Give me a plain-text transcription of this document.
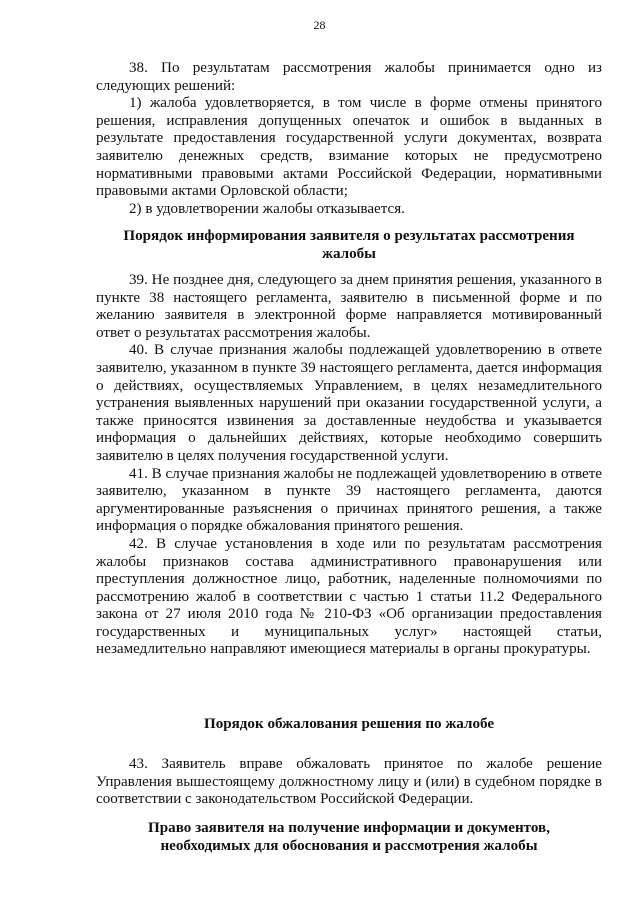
28

38. По результатам рассмотрения жалобы принимается одно из следующих решений:

1) жалоба удовлетворяется, в том числе в форме отмены принятого решения, исправления допущенных опечаток и ошибок в выданных в результате предоставления государственной услуги документах, возврата заявителю денежных средств, взимание которых не предусмотрено нормативными правовыми актами Российской Федерации, нормативными правовыми актами Орловской области;

2) в удовлетворении жалобы отказывается.

Порядок информирования заявителя о результатах рассмотрения жалобы

39. Не позднее дня, следующего за днем принятия решения, указанного в пункте 38 настоящего регламента, заявителю в письменной форме и по желанию заявителя в электронной форме направляется мотивированный ответ о результатах рассмотрения жалобы.

40. В случае признания жалобы подлежащей удовлетворению в ответе заявителю, указанном в пункте 39 настоящего регламента, дается информация о действиях, осуществляемых Управлением, в целях незамедлительного устранения выявленных нарушений при оказании государственной услуги, а также приносятся извинения за доставленные неудобства и указывается информация о дальнейших действиях, которые необходимо совершить заявителю в целях получения государственной услуги.

41. В случае признания жалобы не подлежащей удовлетворению в ответе заявителю, указанном в пункте 39 настоящего регламента, даются аргументированные разъяснения о причинах принятого решения, а также информация о порядке обжалования принятого решения.

42. В случае установления в ходе или по результатам рассмотрения жалобы признаков состава административного правонарушения или преступления должностное лицо, работник, наделенные полномочиями по рассмотрению жалоб в соответствии с частью 1 статьи 11.2 Федерального закона от 27 июля 2010 года № 210-ФЗ «Об организации предоставления государственных и муниципальных услуг» настоящей статьи, незамедлительно направляют имеющиеся материалы в органы прокуратуры.

Порядок обжалования решения по жалобе

43. Заявитель вправе обжаловать принятое по жалобе решение Управления вышестоящему должностному лицу и (или) в судебном порядке в соответствии с законодательством Российской Федерации.

Право заявителя на получение информации и документов,
необходимых для обоснования и рассмотрения жалобы
